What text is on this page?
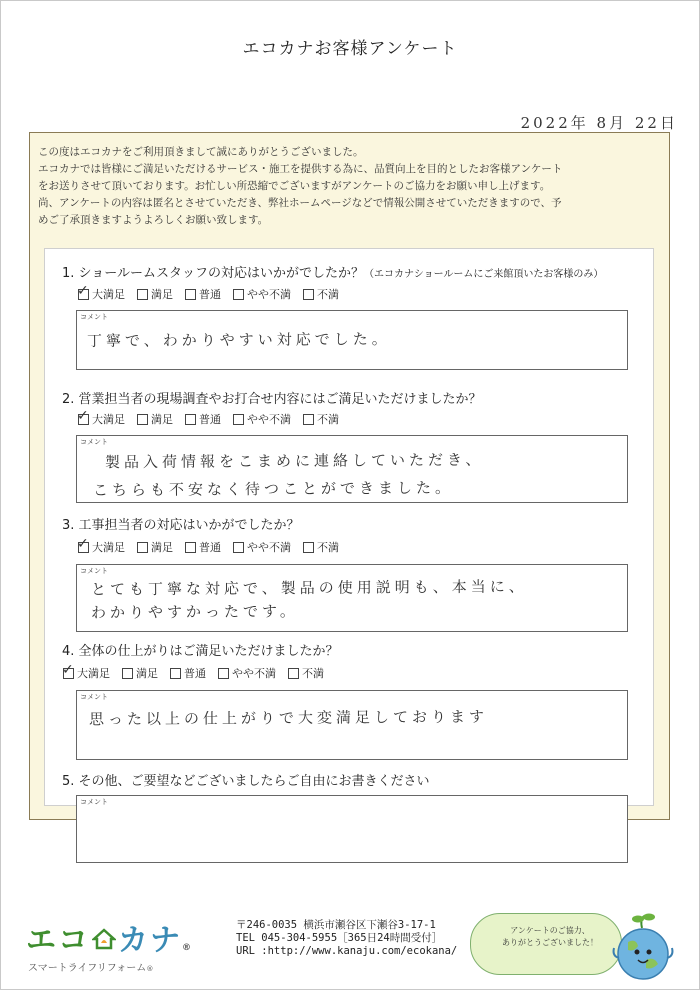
エコカナお客様アンケート
2022年 8月 22日
この度はエコカナをご利用頂きまして誠にありがとうございました。
エコカナでは皆様にご満足いただけるサービス・施工を提供する為に、品質向上を目的としたお客様アンケート
をお送りさせて頂いております。お忙しい所恐縮でございますがアンケートのご協力をお願い申し上げます。
尚、アンケートの内容は匿名とさせていただき、弊社ホームページなどで情報公開させていただきますので、予
めご了承頂きますようよろしくお願い致します。
1. ショールームスタッフの対応はいかがでしたか？（エコカナショールームにご来館頂いたお客様のみ）
✓ 大満足 満足 普通 やや不満 不満
コメント
丁寧で、わかりやすい対応でした。
2. 営業担当者の現場調査やお打合せ内容にはご満足いただけましたか？
✓ 大満足 満足 普通 やや不満 不満
コメント
製品入荷情報をこまめに連絡していただき、
こちらも不安なく待つことができました。
3. 工事担当者の対応はいかがでしたか？
✓ 大満足 満足 普通 やや不満 不満
コメント
とても丁寧な対応で、製品の使用説明も、本当に、
わかりやすかったです。
4. 全体の仕上がりはご満足いただけましたか？
✓ 大満足 満足 普通 やや不満 不満
コメント
思った以上の仕上がりで大変満足しております
5. その他、ご要望などございましたらご自由にお書きください
コメント
エコ カナ®
スマートライフリフォーム®
〒246-0035 横浜市瀬谷区下瀬谷3-17-1
TEL 045-304-5955［365日24時間受付］
URL :http://www.kanaju.com/ecokana/
アンケートのご協力、
ありがとうございました！
